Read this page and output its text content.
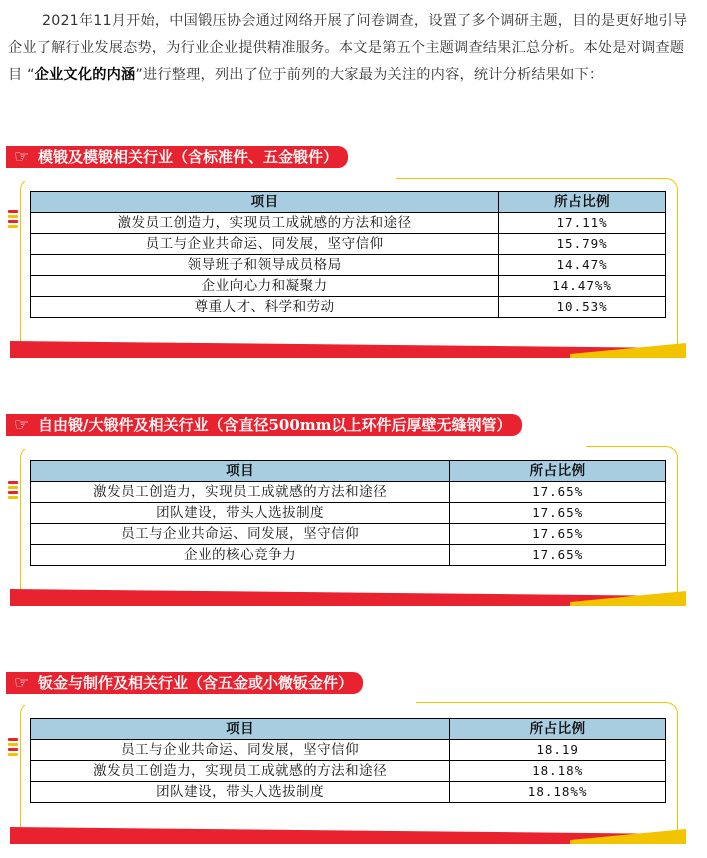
2021年11月开始，中国锻压协会通过网络开展了问卷调查，设置了多个调研主题，目的是更好地引导企业了解行业发展态势，为行业企业提供精准服务。本文是第五个主题调查结果汇总分析。本处是对调查题目 “企业文化的内涵”进行整理，列出了位于前列的大家最为关注的内容，统计分析结果如下：

☞ 模锻及模锻相关行业（含标准件、五金锻件）
项目	所占比例
激发员工创造力，实现员工成就感的方法和途径	17.11%
员工与企业共命运、同发展，坚守信仰	15.79%
领导班子和领导成员格局	14.47%
企业向心力和凝聚力	14.47%%
尊重人才、科学和劳动	10.53%
☞ 自由锻/大锻件及相关行业（含直径500mm以上环件后厚壁无缝钢管）
项目	所占比例
激发员工创造力，实现员工成就感的方法和途径	17.65%
团队建设，带头人选拔制度	17.65%
员工与企业共命运、同发展，坚守信仰	17.65%
企业的核心竞争力	17.65%
☞ 钣金与制作及相关行业（含五金或小微钣金件）
项目	所占比例
员工与企业共命运、同发展，坚守信仰	18.19
激发员工创造力，实现员工成就感的方法和途径	18.18%
团队建设，带头人选拔制度	18.18%%
